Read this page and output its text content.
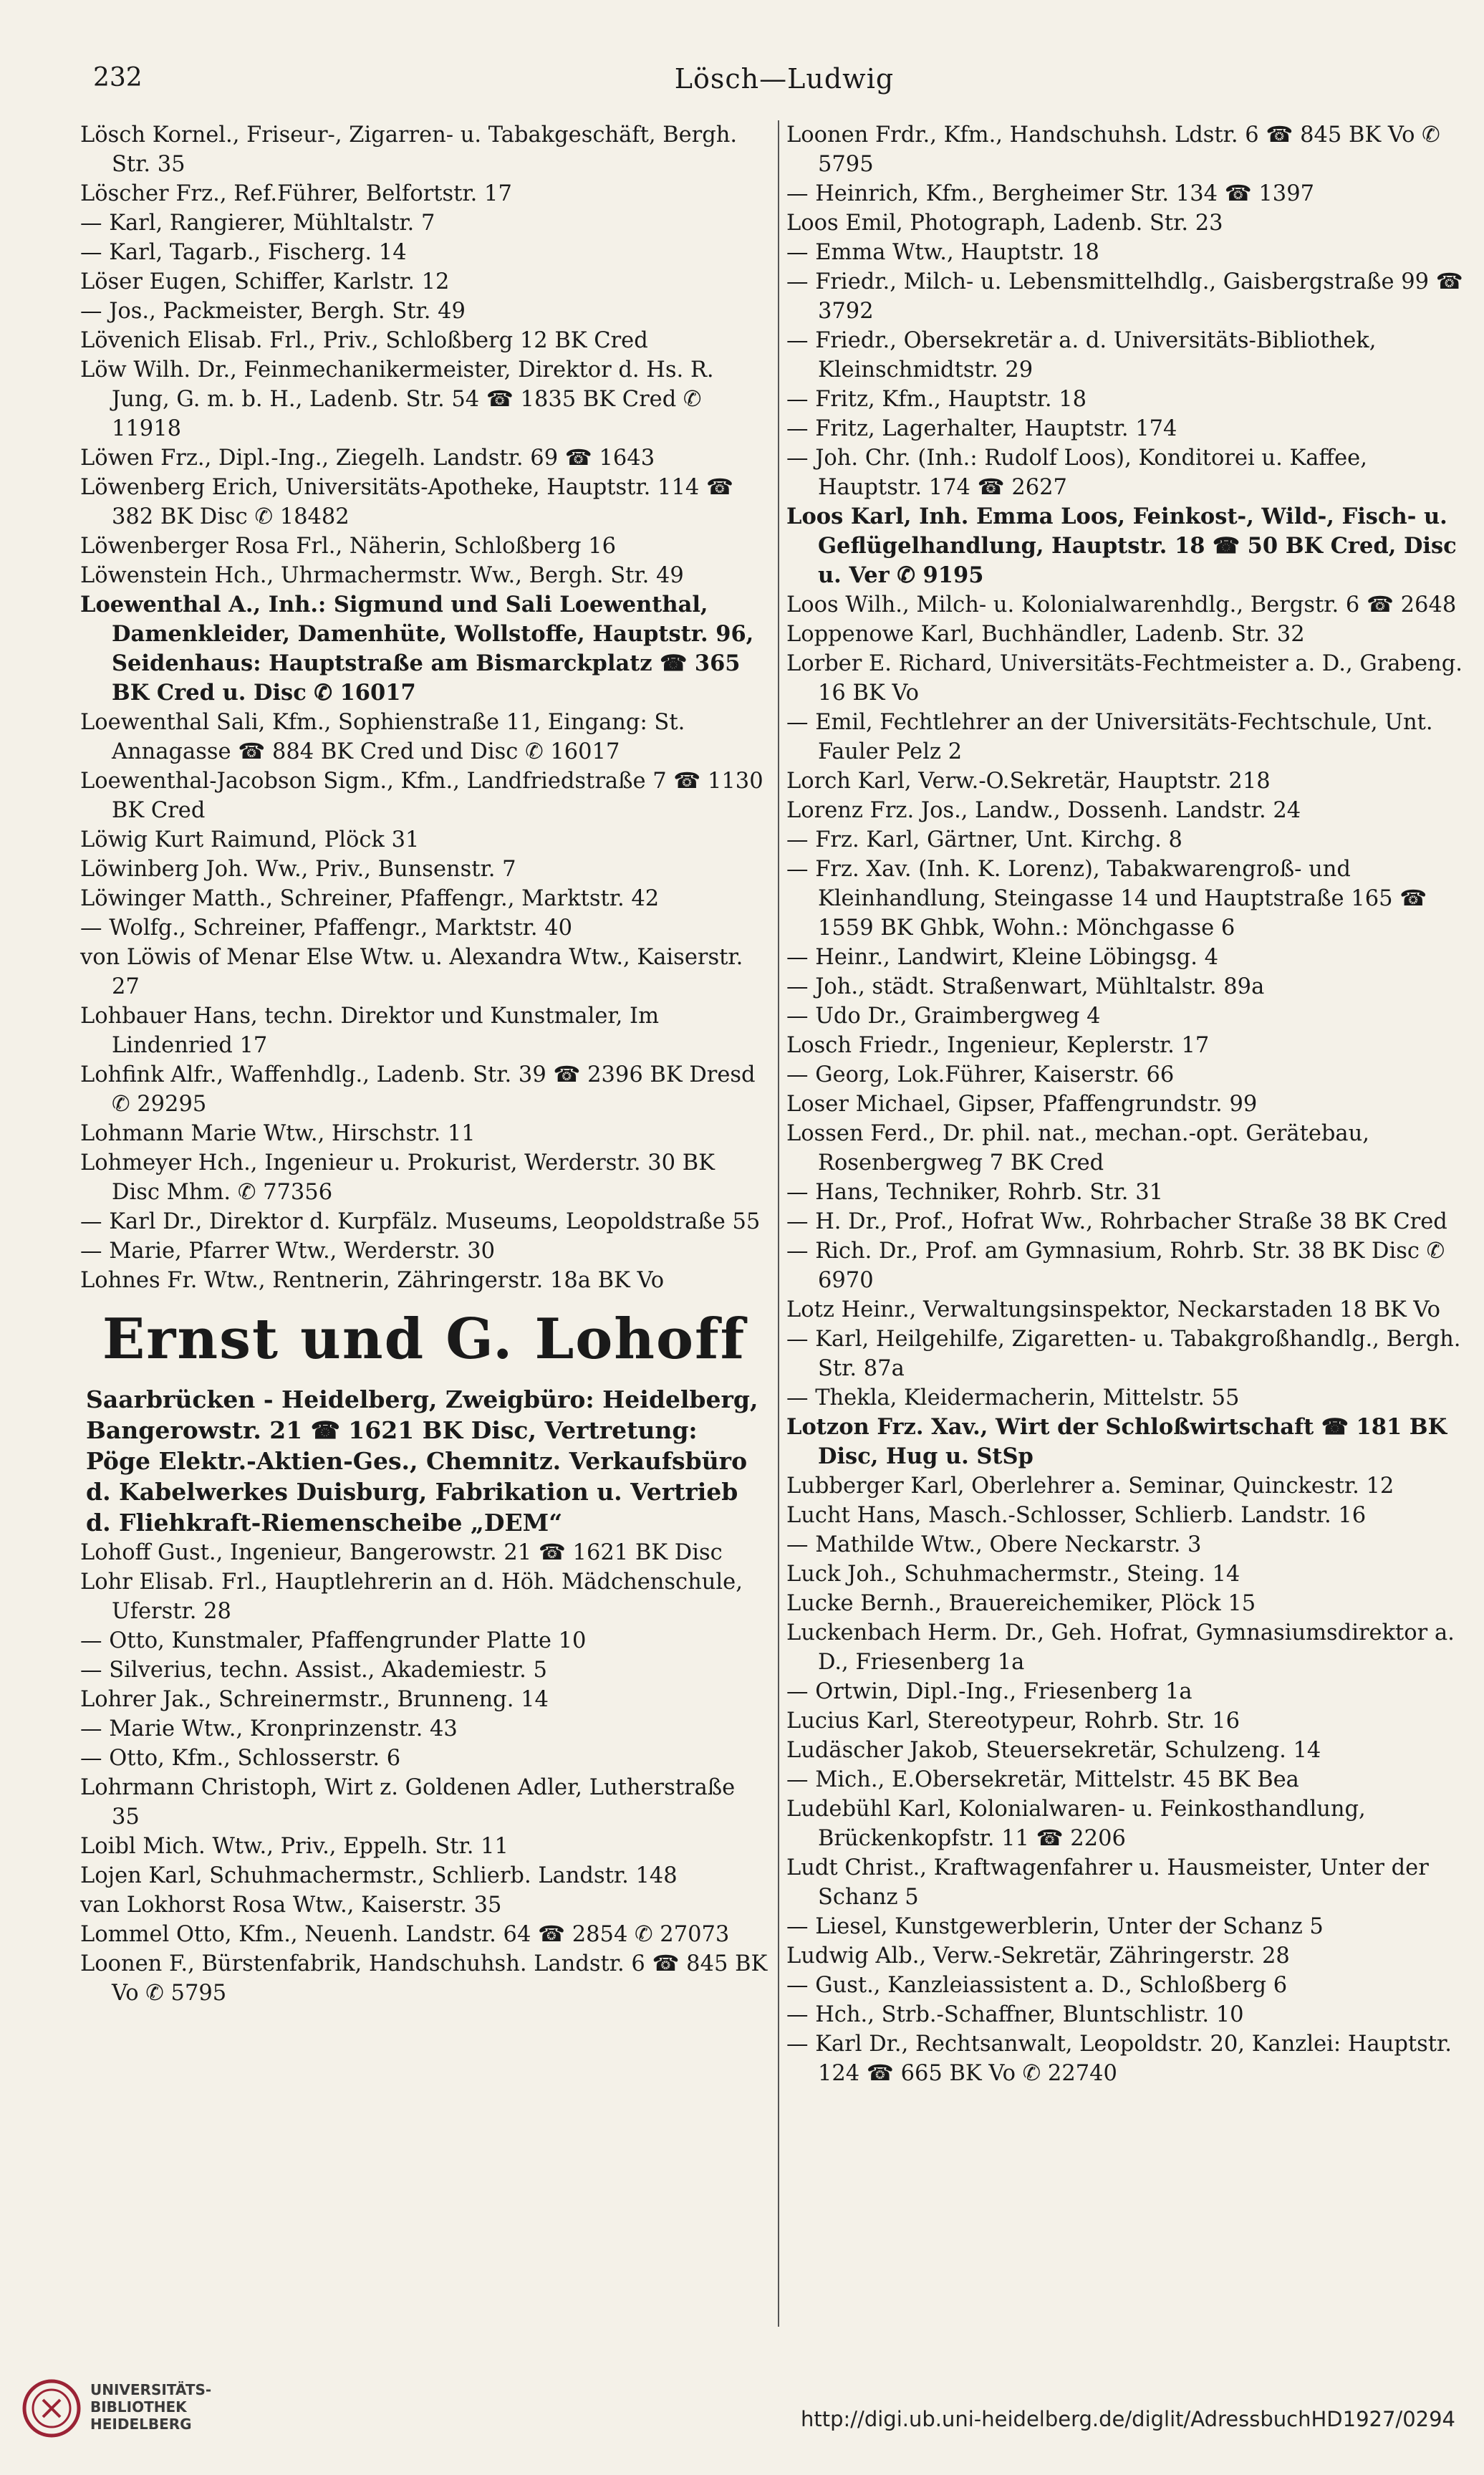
Lösch—Ludwig
232
Lösch Kornel., Friseur-, Zigarren- u. Tabakgeschäft, Bergh. Str. 35
Löscher Frz., Ref.Führer, Belfortstr. 17
— Karl, Rangierer, Mühltalstr. 7
— Karl, Tagarb., Fischerg. 14
Löser Eugen, Schiffer, Karlstr. 12
— Jos., Packmeister, Bergh. Str. 49
Lövenich Elisab. Frl., Priv., Schloßberg 12 BK Cred
Löw Wilh. Dr., Feinmechanikermeister, Direktor d. Hs. R. Jung, G. m. b. H., Ladenb. Str. 54 ☎ 1835 BK Cred ✆ 11918
Löwen Frz., Dipl.-Ing., Ziegelh. Landstr. 69 ☎ 1643
Löwenberg Erich, Universitäts-Apotheke, Hauptstr. 114 ☎ 382 BK Disc ✆ 18482
Löwenberger Rosa Frl., Näherin, Schloßberg 16
Löwenstein Hch., Uhrmachermstr. Ww., Bergh. Str. 49
Loewenthal A., Inh.: Sigmund und Sali Loewenthal, Damenkleider, Damenhüte, Wollstoffe, Hauptstr. 96, Seidenhaus: Hauptstraße am Bismarckplatz ☎ 365 BK Cred u. Disc ✆ 16017
Loewenthal Sali, Kfm., Sophienstraße 11, Eingang: St. Annagasse ☎ 884 BK Cred und Disc ✆ 16017
Loewenthal-Jacobson Sigm., Kfm., Landfriedstraße 7 ☎ 1130 BK Cred
Löwig Kurt Raimund, Plöck 31
Löwinberg Joh. Ww., Priv., Bunsenstr. 7
Löwinger Matth., Schreiner, Pfaffengr., Marktstr. 42
— Wolfg., Schreiner, Pfaffengr., Marktstr. 40
von Löwis of Menar Else Wtw. u. Alexandra Wtw., Kaiserstr. 27
Lohbauer Hans, techn. Direktor und Kunstmaler, Im Lindenried 17
Lohfink Alfr., Waffenhdlg., Ladenb. Str. 39 ☎ 2396 BK Dresd ✆ 29295
Lohmann Marie Wtw., Hirschstr. 11
Lohmeyer Hch., Ingenieur u. Prokurist, Werderstr. 30 BK Disc Mhm. ✆ 77356
— Karl Dr., Direktor d. Kurpfälz. Museums, Leopoldstraße 55
— Marie, Pfarrer Wtw., Werderstr. 30
Lohnes Fr. Wtw., Rentnerin, Zähringerstr. 18a BK Vo
Ernst und G. Lohoff
Saarbrücken - Heidelberg, Zweigbüro: Heidelberg, Bangerowstr. 21 ☎ 1621 BK Disc, Vertretung: Pöge Elektr.-Aktien-Ges., Chemnitz. Verkaufsbüro d. Kabelwerkes Duisburg, Fabrikation u. Vertrieb d. Fliehkraft-Riemenscheibe „DEM“
Lohoff Gust., Ingenieur, Bangerowstr. 21 ☎ 1621 BK Disc
Lohr Elisab. Frl., Hauptlehrerin an d. Höh. Mädchenschule, Uferstr. 28
— Otto, Kunstmaler, Pfaffengrunder Platte 10
— Silverius, techn. Assist., Akademiestr. 5
Lohrer Jak., Schreinermstr., Brunneng. 14
— Marie Wtw., Kronprinzenstr. 43
— Otto, Kfm., Schlosserstr. 6
Lohrmann Christoph, Wirt z. Goldenen Adler, Lutherstraße 35
Loibl Mich. Wtw., Priv., Eppelh. Str. 11
Lojen Karl, Schuhmachermstr., Schlierb. Landstr. 148
van Lokhorst Rosa Wtw., Kaiserstr. 35
Lommel Otto, Kfm., Neuenh. Landstr. 64 ☎ 2854 ✆ 27073
Loonen F., Bürstenfabrik, Handschuhsh. Landstr. 6 ☎ 845 BK Vo ✆ 5795
Loonen Frdr., Kfm., Handschuhsh. Ldstr. 6 ☎ 845 BK Vo ✆ 5795
— Heinrich, Kfm., Bergheimer Str. 134 ☎ 1397
Loos Emil, Photograph, Ladenb. Str. 23
— Emma Wtw., Hauptstr. 18
— Friedr., Milch- u. Lebensmittelhdlg., Gaisbergstraße 99 ☎ 3792
— Friedr., Obersekretär a. d. Universitäts-Bibliothek, Kleinschmidtstr. 29
— Fritz, Kfm., Hauptstr. 18
— Fritz, Lagerhalter, Hauptstr. 174
— Joh. Chr. (Inh.: Rudolf Loos), Konditorei u. Kaffee, Hauptstr. 174 ☎ 2627
Loos Karl, Inh. Emma Loos, Feinkost-, Wild-, Fisch- u. Geflügelhandlung, Hauptstr. 18 ☎ 50 BK Cred, Disc u. Ver ✆ 9195
Loos Wilh., Milch- u. Kolonialwarenhdlg., Bergstr. 6 ☎ 2648
Loppenowe Karl, Buchhändler, Ladenb. Str. 32
Lorber E. Richard, Universitäts-Fechtmeister a. D., Grabeng. 16 BK Vo
— Emil, Fechtlehrer an der Universitäts-Fechtschule, Unt. Fauler Pelz 2
Lorch Karl, Verw.-O.Sekretär, Hauptstr. 218
Lorenz Frz. Jos., Landw., Dossenh. Landstr. 24
— Frz. Karl, Gärtner, Unt. Kirchg. 8
— Frz. Xav. (Inh. K. Lorenz), Tabakwarengroß- und Kleinhandlung, Steingasse 14 und Hauptstraße 165 ☎ 1559 BK Ghbk, Wohn.: Mönchgasse 6
— Heinr., Landwirt, Kleine Löbingsg. 4
— Joh., städt. Straßenwart, Mühltalstr. 89a
— Udo Dr., Graimbergweg 4
Losch Friedr., Ingenieur, Keplerstr. 17
— Georg, Lok.Führer, Kaiserstr. 66
Loser Michael, Gipser, Pfaffengrundstr. 99
Lossen Ferd., Dr. phil. nat., mechan.-opt. Gerätebau, Rosenbergweg 7 BK Cred
— Hans, Techniker, Rohrb. Str. 31
— H. Dr., Prof., Hofrat Ww., Rohrbacher Straße 38 BK Cred
— Rich. Dr., Prof. am Gymnasium, Rohrb. Str. 38 BK Disc ✆ 6970
Lotz Heinr., Verwaltungsinspektor, Neckarstaden 18 BK Vo
— Karl, Heilgehilfe, Zigaretten- u. Tabakgroßhandlg., Bergh. Str. 87a
— Thekla, Kleidermacherin, Mittelstr. 55
Lotzon Frz. Xav., Wirt der Schloßwirtschaft ☎ 181 BK Disc, Hug u. StSp
Lubberger Karl, Oberlehrer a. Seminar, Quinckestr. 12
Lucht Hans, Masch.-Schlosser, Schlierb. Landstr. 16
— Mathilde Wtw., Obere Neckarstr. 3
Luck Joh., Schuhmachermstr., Steing. 14
Lucke Bernh., Brauereichemiker, Plöck 15
Luckenbach Herm. Dr., Geh. Hofrat, Gymnasiumsdirektor a. D., Friesenberg 1a
— Ortwin, Dipl.-Ing., Friesenberg 1a
Lucius Karl, Stereotypeur, Rohrb. Str. 16
Ludäscher Jakob, Steuersekretär, Schulzeng. 14
— Mich., E.Obersekretär, Mittelstr. 45 BK Bea
Ludebühl Karl, Kolonialwaren- u. Feinkosthandlung, Brückenkopfstr. 11 ☎ 2206
Ludt Christ., Kraftwagenfahrer u. Hausmeister, Unter der Schanz 5
— Liesel, Kunstgewerblerin, Unter der Schanz 5
Ludwig Alb., Verw.-Sekretär, Zähringerstr. 28
— Gust., Kanzleiassistent a. D., Schloßberg 6
— Hch., Strb.-Schaffner, Bluntschlistr. 10
— Karl Dr., Rechtsanwalt, Leopoldstr. 20, Kanzlei: Hauptstr. 124 ☎ 665 BK Vo ✆ 22740
UNIVERSITÄTS-
BIBLIOTHEK
HEIDELBERG	http://digi.ub.uni-heidelberg.de/diglit/AdressbuchHD1927/0294
